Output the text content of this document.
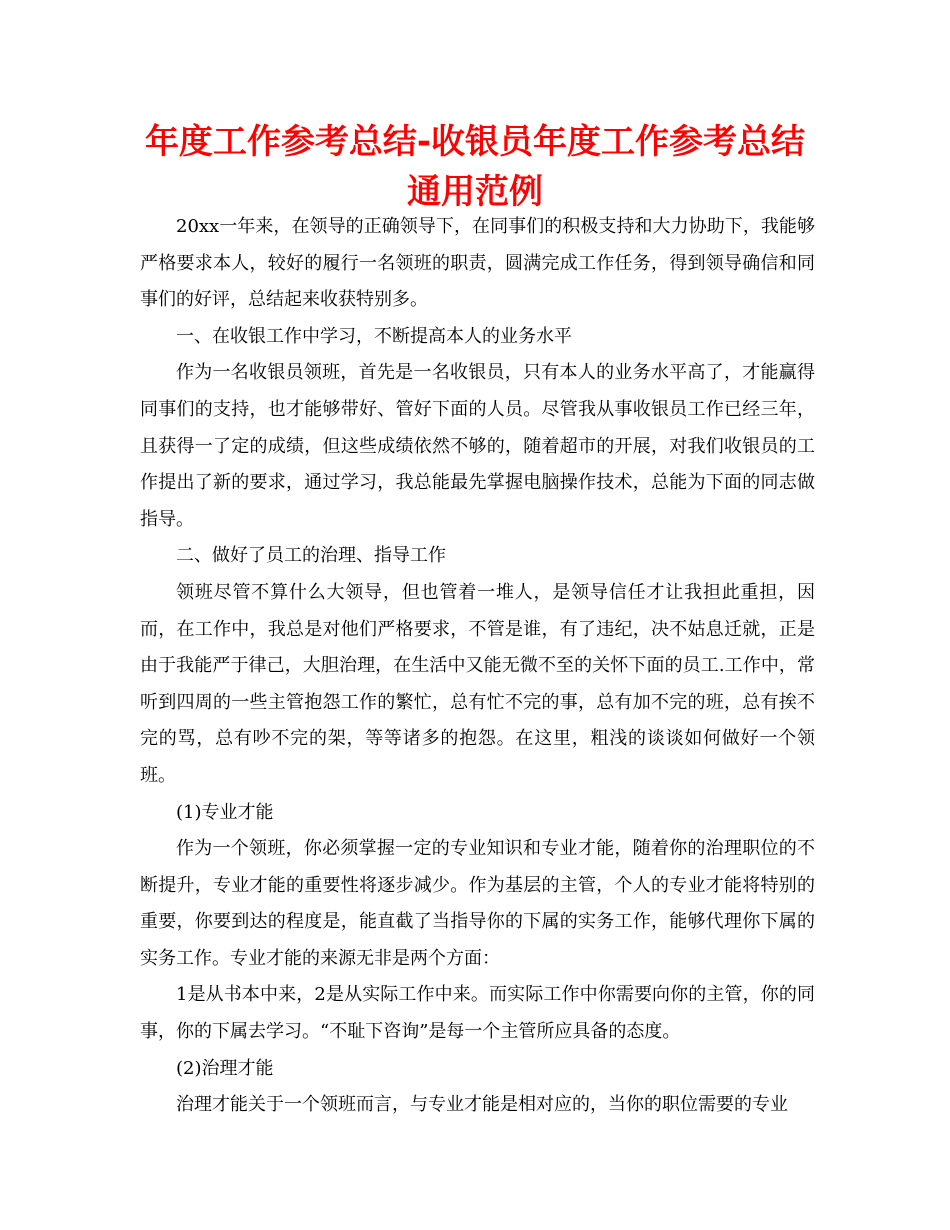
年度工作参考总结-收银员年度工作参考总结通用范例

20xx一年来，在领导的正确领导下，在同事们的积极支持和大力协助下，我能够严格要求本人，较好的履行一名领班的职责，圆满完成工作任务，得到领导确信和同事们的好评，总结起来收获特别多。

一、在收银工作中学习，不断提高本人的业务水平

作为一名收银员领班，首先是一名收银员，只有本人的业务水平高了，才能赢得同事们的支持，也才能够带好、管好下面的人员。尽管我从事收银员工作已经三年，且获得一了定的成绩，但这些成绩依然不够的，随着超市的开展，对我们收银员的工作提出了新的要求，通过学习，我总能最先掌握电脑操作技术，总能为下面的同志做指导。

二、做好了员工的治理、指导工作

领班尽管不算什么大领导，但也管着一堆人，是领导信任才让我担此重担，因而，在工作中，我总是对他们严格要求，不管是谁，有了违纪，决不姑息迁就，正是由于我能严于律己，大胆治理，在生活中又能无微不至的关怀下面的员工.工作中，常听到四周的一些主管抱怨工作的繁忙，总有忙不完的事，总有加不完的班，总有挨不完的骂，总有吵不完的架，等等诸多的抱怨。在这里，粗浅的谈谈如何做好一个领班。

(1)专业才能

作为一个领班，你必须掌握一定的专业知识和专业才能，随着你的治理职位的不断提升，专业才能的重要性将逐步减少。作为基层的主管，个人的专业才能将特别的重要，你要到达的程度是，能直截了当指导你的下属的实务工作，能够代理你下属的实务工作。专业才能的来源无非是两个方面：

1是从书本中来，2是从实际工作中来。而实际工作中你需要向你的主管，你的同事，你的下属去学习。“不耻下咨询”是每一个主管所应具备的态度。

(2)治理才能

治理才能关于一个领班而言，与专业才能是相对应的，当你的职位需要的专业
